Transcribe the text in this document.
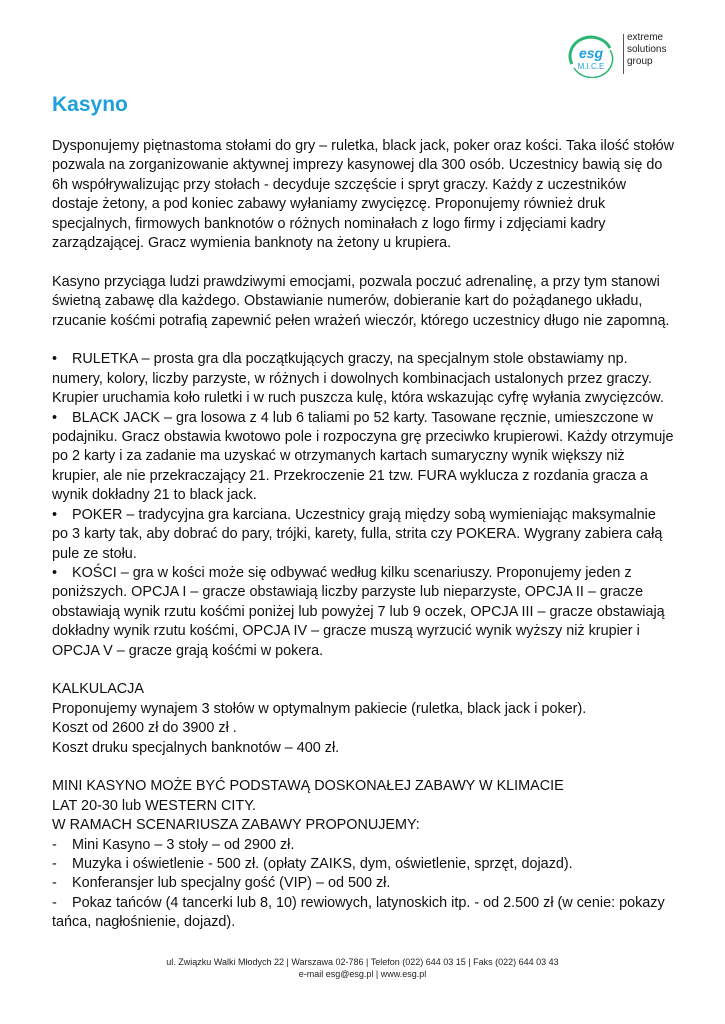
esg
M.I.C.E
extreme
solutions
group
Kasyno

Dysponujemy piętnastoma stołami do gry – ruletka, black jack, poker oraz kości. Taka ilość stołów pozwala na zorganizowanie aktywnej imprezy kasynowej dla 300 osób. Uczestnicy bawią się do 6h współrywalizując przy stołach - decyduje szczęście i spryt graczy. Każdy z uczestników dostaje żetony, a pod koniec zabawy wyłaniamy zwycięzcę. Proponujemy również druk specjalnych, firmowych banknotów o różnych nominałach z logo firmy i zdjęciami kadry zarządzającej. Gracz wymienia banknoty na żetony u krupiera.

Kasyno przyciąga ludzi prawdziwymi emocjami, pozwala poczuć adrenalinę, a przy tym stanowi świetną zabawę dla każdego. Obstawianie numerów, dobieranie kart do pożądanego układu, rzucanie kośćmi potrafią zapewnić pełen wrażeń wieczór, którego uczestnicy długo nie zapomną.

• RULETKA – prosta gra dla początkujących graczy, na specjalnym stole obstawiamy np. numery, kolory, liczby parzyste, w różnych i dowolnych kombinacjach ustalonych przez graczy. Krupier uruchamia koło ruletki i w ruch puszcza kulę, która wskazując cyfrę wyłania zwycięzców.
• BLACK JACK – gra losowa z 4 lub 6 taliami po 52 karty. Tasowane ręcznie, umieszczone w podajniku. Gracz obstawia kwotowo pole i rozpoczyna grę przeciwko krupierowi. Każdy otrzymuje po 2 karty i za zadanie ma uzyskać w otrzymanych kartach sumaryczny wynik większy niż krupier, ale nie przekraczający 21. Przekroczenie 21 tzw. FURA wyklucza z rozdania gracza a wynik dokładny 21 to black jack.
• POKER – tradycyjna gra karciana. Uczestnicy grają między sobą wymieniając maksymalnie po 3 karty tak, aby dobrać do pary, trójki, karety, fulla, strita czy POKERA. Wygrany zabiera całą pule ze stołu.
• KOŚCI – gra w kości może się odbywać według kilku scenariuszy. Proponujemy jeden z poniższych. OPCJA I – gracze obstawiają liczby parzyste lub nieparzyste, OPCJA II – gracze obstawiają wynik rzutu kośćmi poniżej lub powyżej 7 lub 9 oczek, OPCJA III – gracze obstawiają dokładny wynik rzutu kośćmi, OPCJA IV – gracze muszą wyrzucić wynik wyższy niż krupier i OPCJA V – gracze grają kośćmi w pokera.

KALKULACJA

Proponujemy wynajem 3 stołów w optymalnym pakiecie (ruletka, black jack i poker).

Koszt od 2600 zł do 3900 zł .

Koszt druku specjalnych banknotów – 400 zł.

MINI KASYNO MOŻE BYĆ PODSTAWĄ DOSKONAŁEJ ZABAWY W KLIMACIE

LAT 20-30 lub WESTERN CITY.

W RAMACH SCENARIUSZA ZABAWY PROPONUJEMY:

- Mini Kasyno – 3 stoły – od 2900 zł.
- Muzyka i oświetlenie - 500 zł. (opłaty ZAIKS, dym, oświetlenie, sprzęt, dojazd).
- Konferansjer lub specjalny gość (VIP) – od 500 zł.
- Pokaz tańców (4 tancerki lub 8, 10) rewiowych, latynoskich itp. - od 2.500 zł (w cenie: pokazy tańca, nagłośnienie, dojazd).
ul. Związku Walki Młodych 22 | Warszawa 02-786 | Telefon (022) 644 03 15 | Faks (022) 644 03 43
e-mail esg@esg.pl | www.esg.pl
